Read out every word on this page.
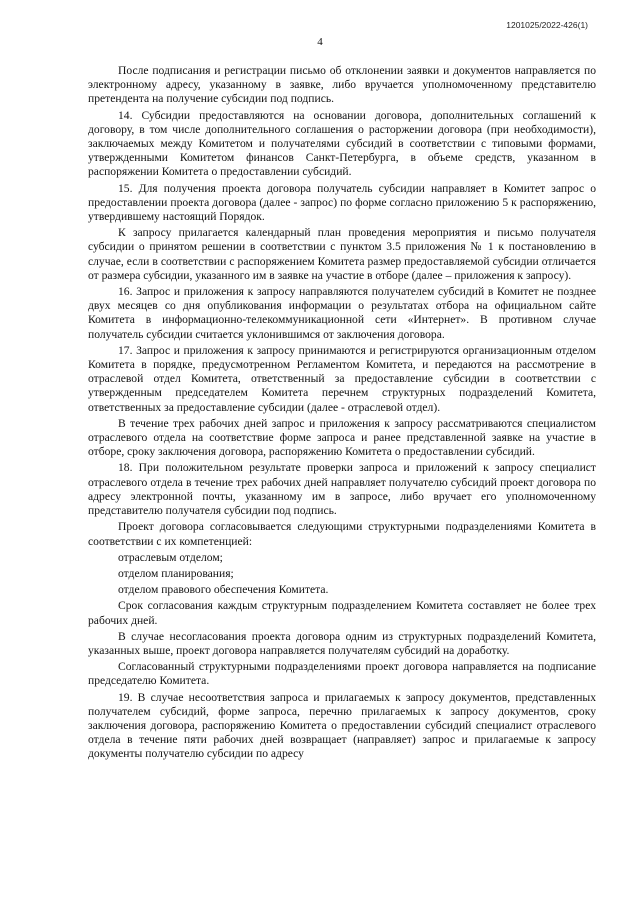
1201025/2022-426(1)
4

После подписания и регистрации письмо об отклонении заявки и документов направляется по электронному адресу, указанному в заявке, либо вручается уполномоченному представителю претендента на получение субсидии под подпись.

14. Субсидии предоставляются на основании договора, дополнительных соглашений к договору, в том числе дополнительного соглашения о расторжении договора (при необходимости), заключаемых между Комитетом и получателями субсидий в соответствии с типовыми формами, утвержденными Комитетом финансов Санкт-Петербурга, в объеме средств, указанном в распоряжении Комитета о предоставлении субсидий.

15. Для получения проекта договора получатель субсидии направляет в Комитет запрос о предоставлении проекта договора (далее - запрос) по форме согласно приложению 5 к распоряжению, утвердившему настоящий Порядок.

К запросу прилагается календарный план проведения мероприятия и письмо получателя субсидии о принятом решении в соответствии с пунктом 3.5 приложения № 1 к постановлению в случае, если в соответствии с распоряжением Комитета размер предоставляемой субсидии отличается от размера субсидии, указанного им в заявке на участие в отборе (далее – приложения к запросу).

16. Запрос и приложения к запросу направляются получателем субсидий в Комитет не позднее двух месяцев со дня опубликования информации о результатах отбора на официальном сайте Комитета в информационно-телекоммуникационной сети «Интернет». В противном случае получатель субсидии считается уклонившимся от заключения договора.

17. Запрос и приложения к запросу принимаются и регистрируются организационным отделом Комитета в порядке, предусмотренном Регламентом Комитета, и передаются на рассмотрение в отраслевой отдел Комитета, ответственный за предоставление субсидии в соответствии с утвержденным председателем Комитета перечнем структурных подразделений Комитета, ответственных за предоставление субсидии (далее - отраслевой отдел).

В течение трех рабочих дней запрос и приложения к запросу рассматриваются специалистом отраслевого отдела на соответствие форме запроса и ранее представленной заявке на участие в отборе, сроку заключения договора, распоряжению Комитета о предоставлении субсидий.

18. При положительном результате проверки запроса и приложений к запросу специалист отраслевого отдела в течение трех рабочих дней направляет получателю субсидий проект договора по адресу электронной почты, указанному им в запросе, либо вручает его уполномоченному представителю получателя субсидии под подпись.

Проект договора согласовывается следующими структурными подразделениями Комитета в соответствии с их компетенцией:

отраслевым отделом;

отделом планирования;

отделом правового обеспечения Комитета.

Срок согласования каждым структурным подразделением Комитета составляет не более трех рабочих дней.

В случае несогласования проекта договора одним из структурных подразделений Комитета, указанных выше, проект договора направляется получателям субсидий на доработку.

Согласованный структурными подразделениями проект договора направляется на подписание председателю Комитета.

19. В случае несоответствия запроса и прилагаемых к запросу документов, представленных получателем субсидий, форме запроса, перечню прилагаемых к запросу документов, сроку заключения договора, распоряжению Комитета о предоставлении субсидий специалист отраслевого отдела в течение пяти рабочих дней возвращает (направляет) запрос и прилагаемые к запросу документы получателю субсидии по адресу
